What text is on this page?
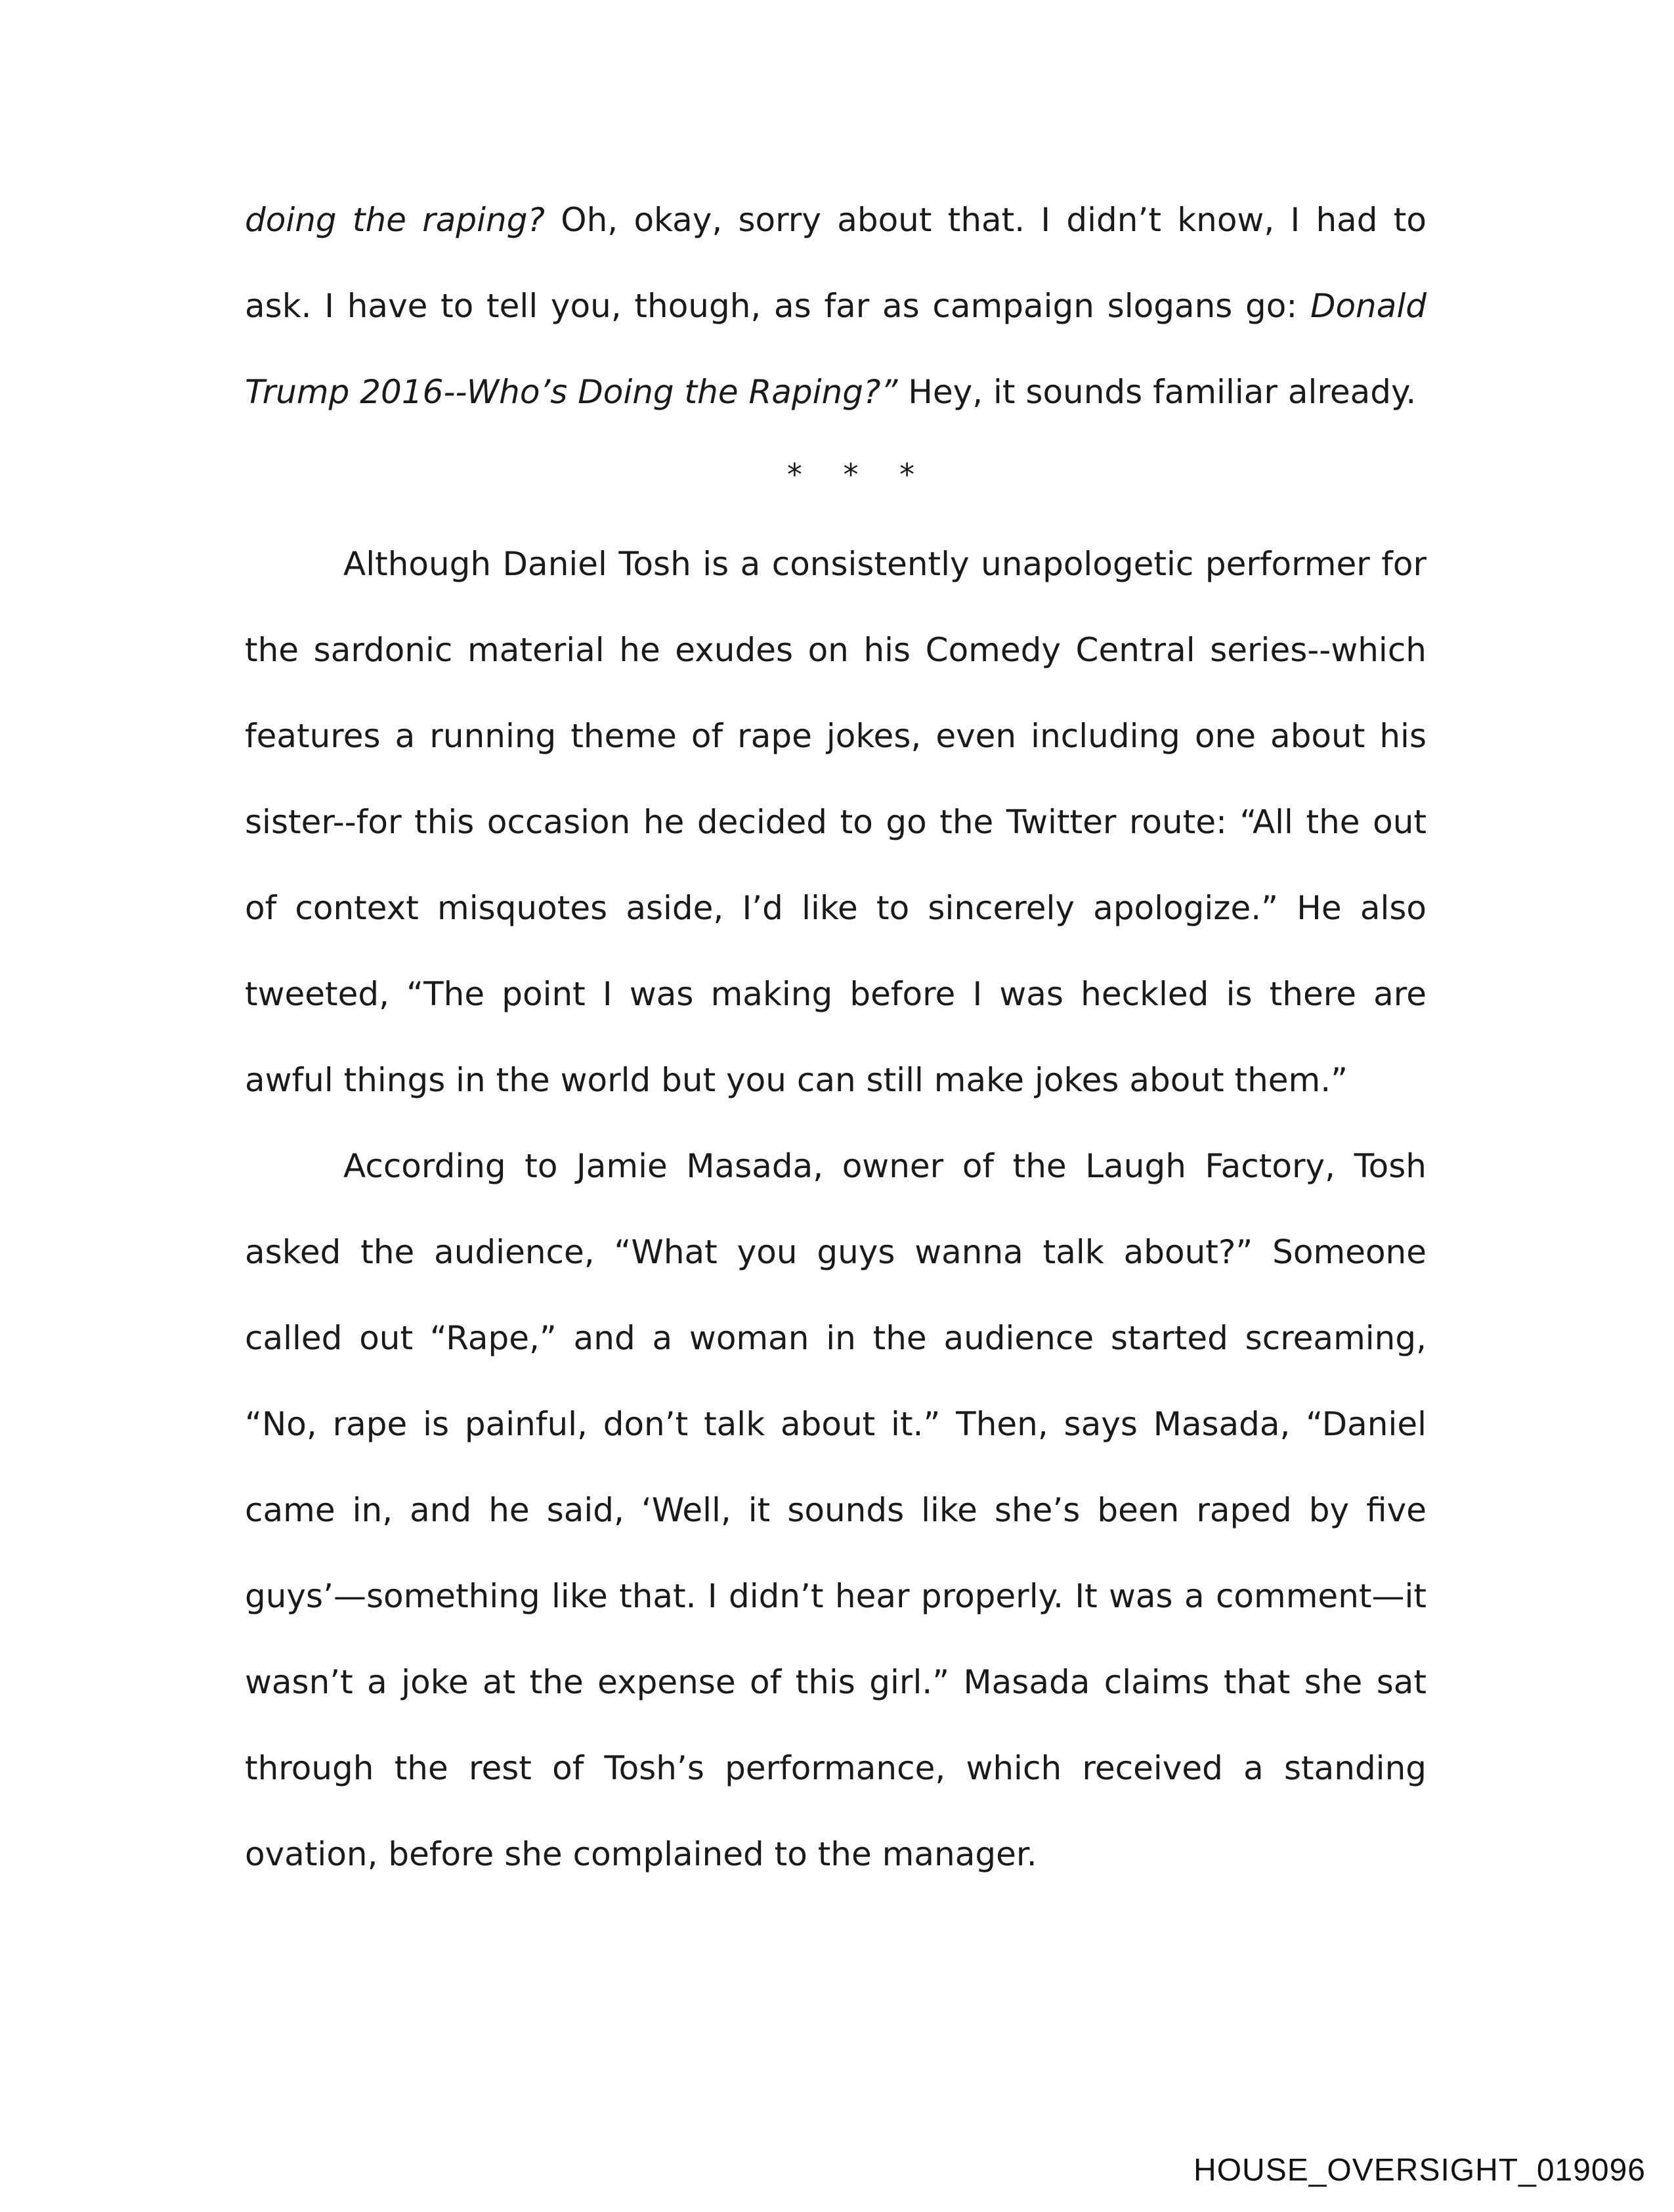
doing the raping? Oh, okay, sorry about that. I didn’t know, I had to ask. I have to tell you, though, as far as campaign slogans go: Donald Trump 2016--Who’s Doing the Raping?” Hey, it sounds familiar already.

* * *

Although Daniel Tosh is a consistently unapologetic performer for the sardonic material he exudes on his Comedy Central series--which features a running theme of rape jokes, even including one about his sister--for this occasion he decided to go the Twitter route: “All the out of context misquotes aside, I’d like to sincerely apologize.” He also tweeted, “The point I was making before I was heckled is there are awful things in the world but you can still make jokes about them.”

According to Jamie Masada, owner of the Laugh Factory, Tosh asked the audience, “What you guys wanna talk about?” Someone called out “Rape,” and a woman in the audience started screaming, “No, rape is painful, don’t talk about it.” Then, says Masada, “Daniel came in, and he said, ‘Well, it sounds like she’s been raped by five guys’—something like that. I didn’t hear properly. It was a comment—it wasn’t a joke at the expense of this girl.” Masada claims that she sat through the rest of Tosh’s performance, which received a standing ovation, before she complained to the manager.

HOUSE_OVERSIGHT_019096
